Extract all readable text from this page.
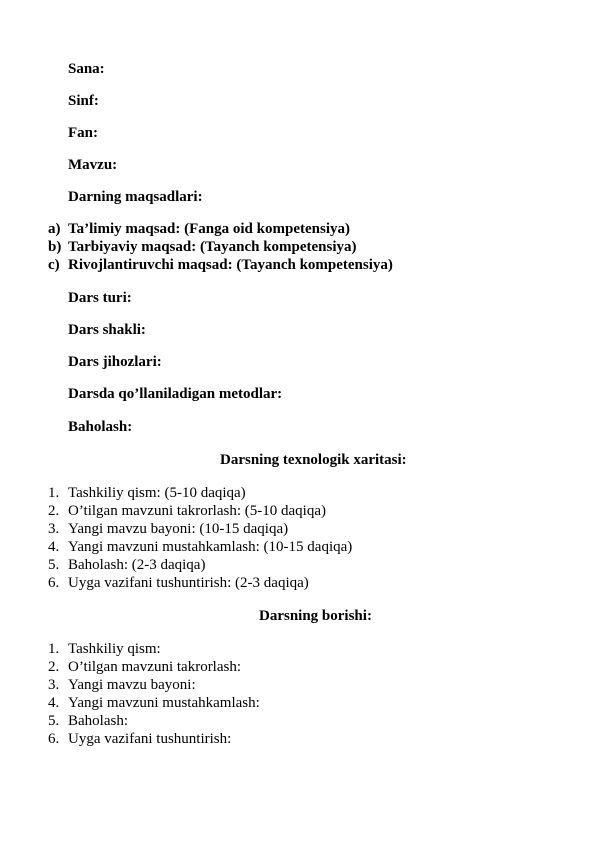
Sana:
Sinf:
Fan:
Mavzu:
Darning maqsadlari:
a) Ta’limiy maqsad: (Fanga oid kompetensiya)
b) Tarbiyaviy maqsad: (Tayanch kompetensiya)
c) Rivojlantiruvchi maqsad: (Tayanch kompetensiya)
Dars turi:
Dars shakli:
Dars jihozlari:
Darsda qo’llaniladigan metodlar:
Baholash:
Darsning texnologik xaritasi:
1. Tashkiliy qism: (5-10 daqiqa)
2. O’tilgan mavzuni takrorlash: (5-10 daqiqa)
3. Yangi mavzu bayoni: (10-15 daqiqa)
4. Yangi mavzuni mustahkamlash: (10-15 daqiqa)
5. Baholash: (2-3 daqiqa)
6. Uyga vazifani tushuntirish: (2-3 daqiqa)
Darsning borishi:
1. Tashkiliy qism:
2. O’tilgan mavzuni takrorlash:
3. Yangi mavzu bayoni:
4. Yangi mavzuni mustahkamlash:
5. Baholash:
6. Uyga vazifani tushuntirish:
